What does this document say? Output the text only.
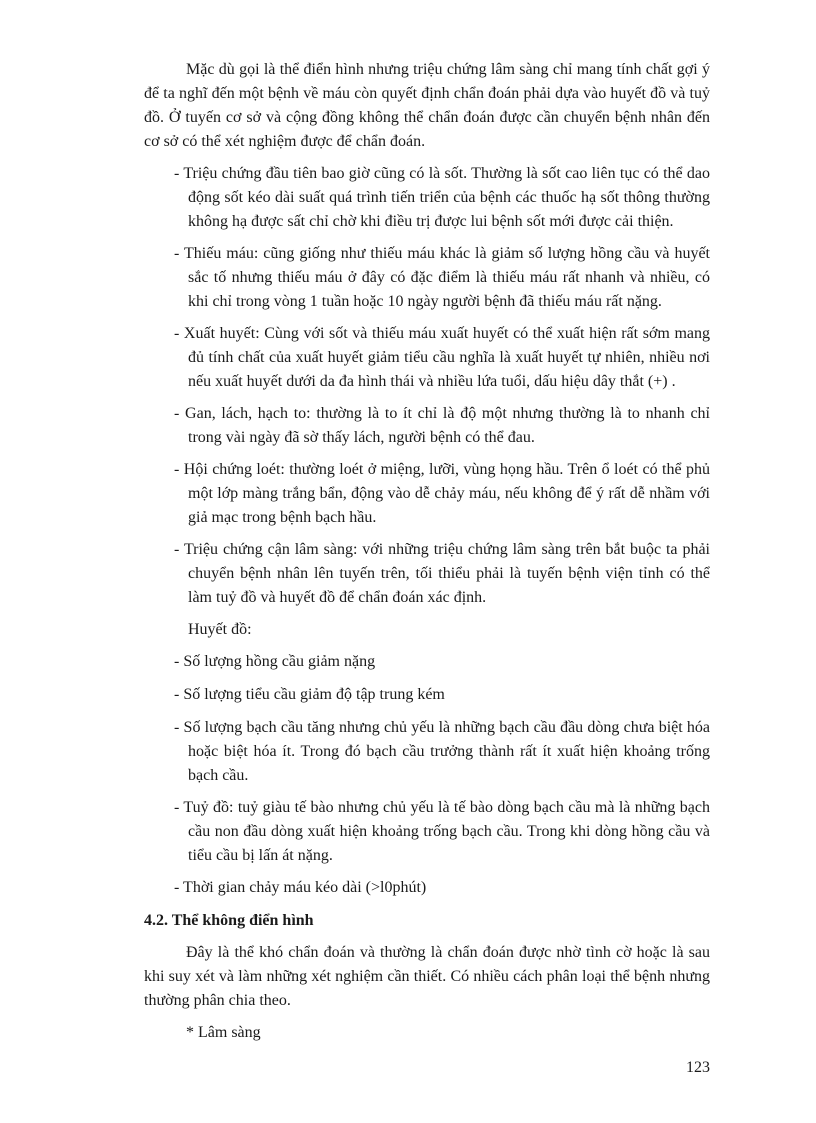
Mặc dù gọi là thể điển hình nhưng triệu chứng lâm sàng chỉ mang tính chất gợi ý để ta nghĩ đến một bệnh về máu còn quyết định chẩn đoán phải dựa vào huyết đồ và tuỷ đồ. Ở tuyến cơ sở và cộng đồng không thể chẩn đoán được cần chuyển bệnh nhân đến cơ sở có thể xét nghiệm được để chẩn đoán.

- Triệu chứng đầu tiên bao giờ cũng có là sốt. Thường là sốt cao liên tục có thể dao động sốt kéo dài suất quá trình tiến triển của bệnh các thuốc hạ sốt thông thường không hạ được sất chỉ chờ khi điều trị được lui bệnh sốt mới được cải thiện.

- Thiếu máu: cũng giống như thiếu máu khác là giảm số lượng hồng cầu và huyết sắc tố nhưng thiếu máu ở đây có đặc điểm là thiếu máu rất nhanh và nhiều, có khi chỉ trong vòng 1 tuần hoặc 10 ngày người bệnh đã thiếu máu rất nặng.

- Xuất huyết: Cùng với sốt và thiếu máu xuất huyết có thể xuất hiện rất sớm mang đủ tính chất của xuất huyết giảm tiểu cầu nghĩa là xuất huyết tự nhiên, nhiều nơi nếu xuất huyết dưới da đa hình thái và nhiều lứa tuổi, dấu hiệu dây thắt (+) .

- Gan, lách, hạch to: thường là to ít chỉ là độ một nhưng thường là to nhanh chỉ trong vài ngày đã sờ thấy lách, người bệnh có thể đau.

- Hội chứng loét: thường loét ở miệng, lưỡi, vùng họng hầu. Trên ổ loét có thể phủ một lớp màng trắng bẩn, động vào dễ chảy máu, nếu không để ý rất dễ nhầm với giả mạc trong bệnh bạch hầu.

- Triệu chứng cận lâm sàng: với những triệu chứng lâm sàng trên bắt buộc ta phải chuyển bệnh nhân lên tuyến trên, tối thiểu phải là tuyến bệnh viện tỉnh có thể làm tuỷ đồ và huyết đồ để chẩn đoán xác định.

Huyết đồ:

- Số lượng hồng cầu giảm nặng

- Số lượng tiểu cầu giảm độ tập trung kém

- Số lượng bạch cầu tăng nhưng chủ yếu là những bạch cầu đầu dòng chưa biệt hóa hoặc biệt hóa ít. Trong đó bạch cầu trưởng thành rất ít xuất hiện khoảng trống bạch cầu.

- Tuỷ đồ: tuỷ giàu tế bào nhưng chủ yếu là tế bào dòng bạch cầu mà là những bạch cầu non đầu dòng xuất hiện khoảng trống bạch cầu. Trong khi dòng hồng cầu và tiểu cầu bị lấn át nặng.

- Thời gian chảy máu kéo dài (>l0phút)

4.2. Thể không điển hình

Đây là thể khó chẩn đoán và thường là chẩn đoán được nhờ tình cờ hoặc là sau khi suy xét và làm những xét nghiệm cần thiết. Có nhiều cách phân loại thể bệnh nhưng thường phân chia theo.

* Lâm sàng

123
